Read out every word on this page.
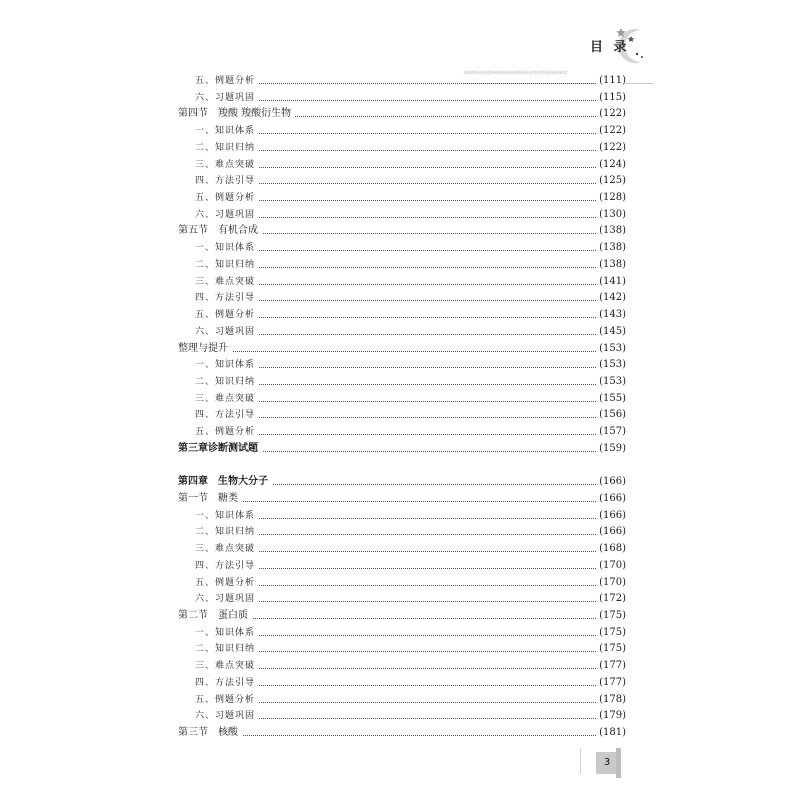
‹‹‹‹‹‹‹‹‹‹‹‹‹‹‹‹‹‹‹‹‹‹‹‹‹‹‹‹‹‹‹‹‹‹‹‹‹‹‹‹
目 录
五、例题分析	(111)
六、习题巩固	(115)
第四节　羧酸 羧酸衍生物	(122)
一、知识体系	(122)
二、知识归纳	(122)
三、难点突破	(124)
四、方法引导	(125)
五、例题分析	(128)
六、习题巩固	(130)
第五节　有机合成	(138)
一、知识体系	(138)
二、知识归纳	(138)
三、难点突破	(141)
四、方法引导	(142)
五、例题分析	(143)
六、习题巩固	(145)
整理与提升	(153)
一、知识体系	(153)
二、知识归纳	(153)
三、难点突破	(155)
四、方法引导	(156)
五、例题分析	(157)
第三章诊断测试题	(159)
第四章　生物大分子	(166)
第一节　糖类	(166)
一、知识体系	(166)
二、知识归纳	(166)
三、难点突破	(168)
四、方法引导	(170)
五、例题分析	(170)
六、习题巩固	(172)
第二节　蛋白质	(175)
一、知识体系	(175)
二、知识归纳	(175)
三、难点突破	(177)
四、方法引导	(177)
五、例题分析	(178)
六、习题巩固	(179)
第三节　核酸	(181)
3
